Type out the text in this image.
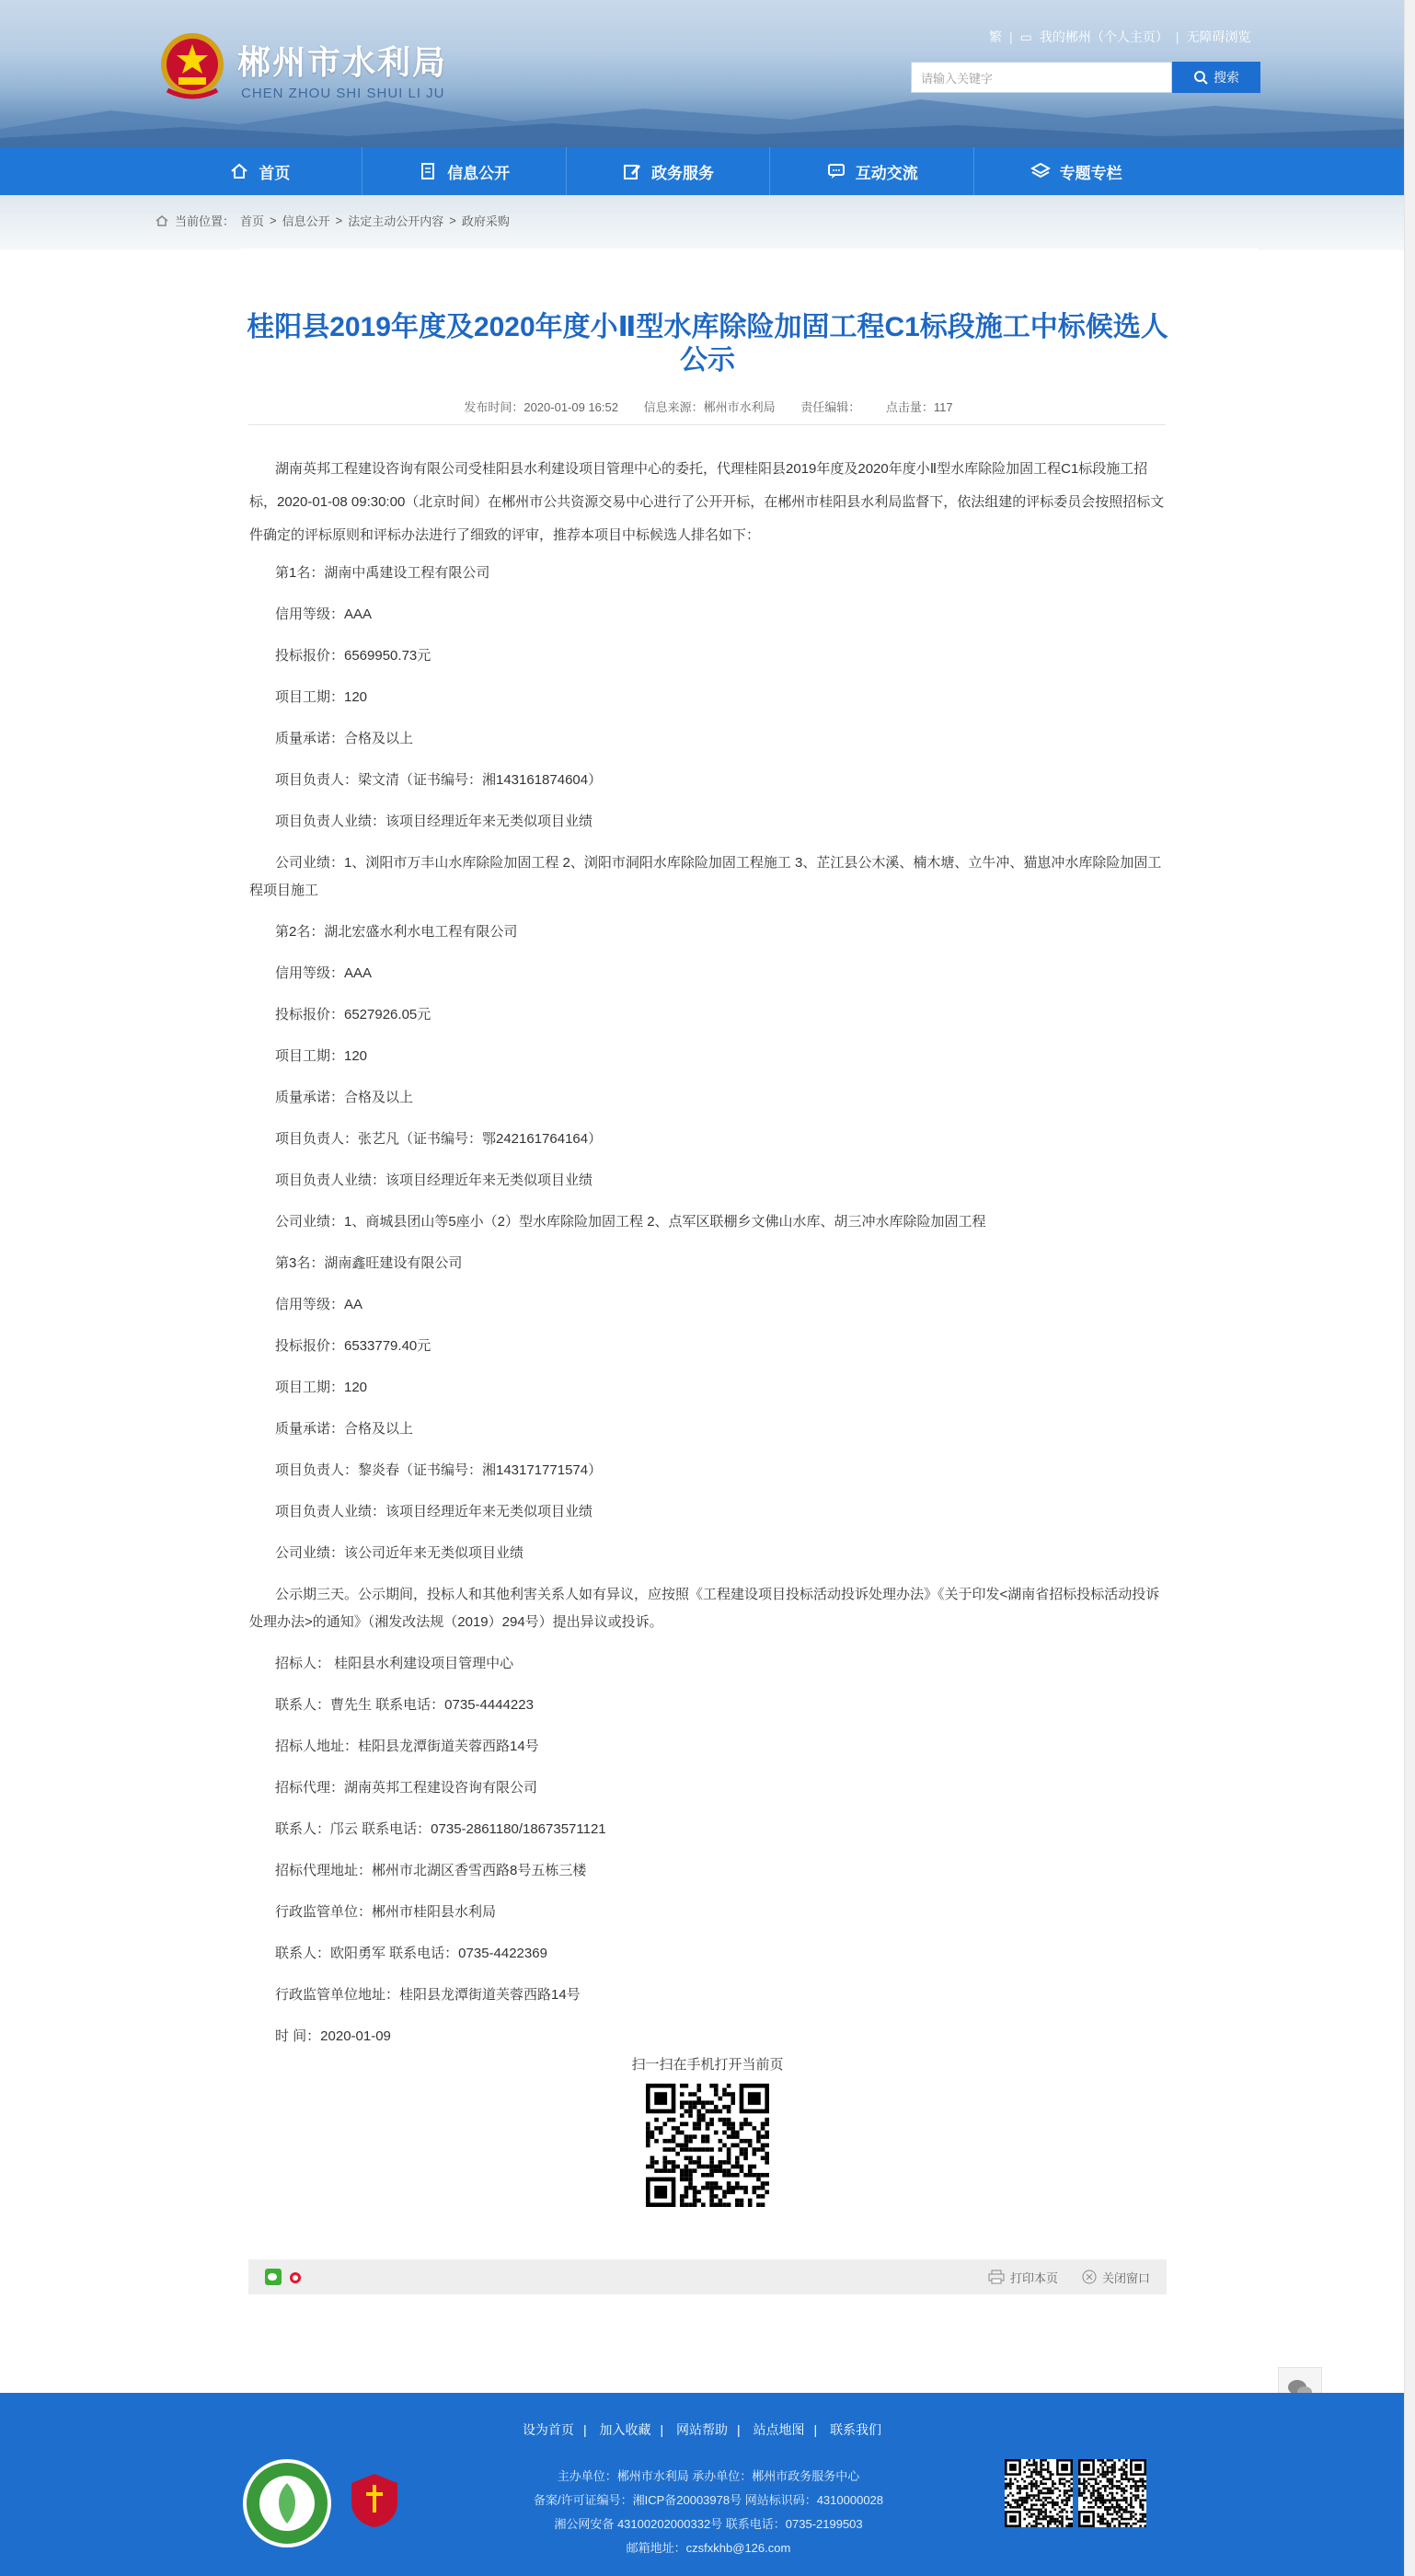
郴州市水利局
CHEN ZHOU SHI SHUI LI JU
繁 | ▭ 我的郴州（个人主页） | 无障碍浏览
请输入关键字	搜索
首页	信息公开	政务服务	互动交流	专题专栏
当前位置： 首页 > 信息公开 > 法定主动公开内容 > 政府采购
桂阳县2019年度及2020年度小Ⅱ型水库除险加固工程C1标段施工中标候选人公示
发布时间：2020-01-09 16:52 信息来源：郴州市水利局 责任编辑： 点击量：117

湖南英邦工程建设咨询有限公司受桂阳县水利建设项目管理中心的委托，代理桂阳县2019年度及2020年度小Ⅱ型水库除险加固工程C1标段施工招标，2020-01-08 09:30:00（北京时间）在郴州市公共资源交易中心进行了公开开标，在郴州市桂阳县水利局监督下，依法组建的评标委员会按照招标文件确定的评标原则和评标办法进行了细致的评审，推荐本项目中标候选人排名如下：

第1名：湖南中禹建设工程有限公司

信用等级：AAA

投标报价：6569950.73元

项目工期：120

质量承诺：合格及以上

项目负责人：梁文清（证书编号：湘143161874604）

项目负责人业绩：该项目经理近年来无类似项目业绩

公司业绩：1、浏阳市万丰山水库除险加固工程 2、浏阳市洞阳水库除险加固工程施工 3、芷江县公木溪、楠木塘、立牛冲、猫崽冲水库除险加固工程项目施工

第2名：湖北宏盛水利水电工程有限公司

信用等级：AAA

投标报价：6527926.05元

项目工期：120

质量承诺：合格及以上

项目负责人：张艺凡（证书编号：鄂242161764164）

项目负责人业绩：该项目经理近年来无类似项目业绩

公司业绩：1、商城县团山等5座小（2）型水库除险加固工程 2、点军区联棚乡文佛山水库、胡三冲水库除险加固工程

第3名：湖南鑫旺建设有限公司

信用等级：AA

投标报价：6533779.40元

项目工期：120

质量承诺：合格及以上

项目负责人：黎炎春（证书编号：湘143171771574）

项目负责人业绩：该项目经理近年来无类似项目业绩

公司业绩：该公司近年来无类似项目业绩

公示期三天。公示期间，投标人和其他利害关系人如有异议，应按照《工程建设项目投标活动投诉处理办法》《关于印发<湖南省招标投标活动投诉处理办法>的通知》（湘发改法规（2019）294号）提出异议或投诉。

招标人： 桂阳县水利建设项目管理中心

联系人：曹先生 联系电话：0735-4444223

招标人地址：桂阳县龙潭街道芙蓉西路14号

招标代理：湖南英邦工程建设咨询有限公司

联系人：邝云 联系电话：0735-2861180/18673571121

招标代理地址：郴州市北湖区香雪西路8号五栋三楼

行政监管单位：郴州市桂阳县水利局

联系人：欧阳勇军 联系电话：0735-4422369

行政监管单位地址：桂阳县龙潭街道芙蓉西路14号

时 间：2020-01-09

扫一扫在手机打开当前页
打印本页	关闭窗口
设为首页 | 加入收藏 | 网站帮助 | 站点地图 | 联系我们
主办单位：郴州市水利局 承办单位：郴州市政务服务中心
备案/许可证编号：湘ICP备20003978号 网站标识码：4310000028
湘公网安备 43100202000332号 联系电话：0735-2199503
邮箱地址：czsfxkhb@126.com
